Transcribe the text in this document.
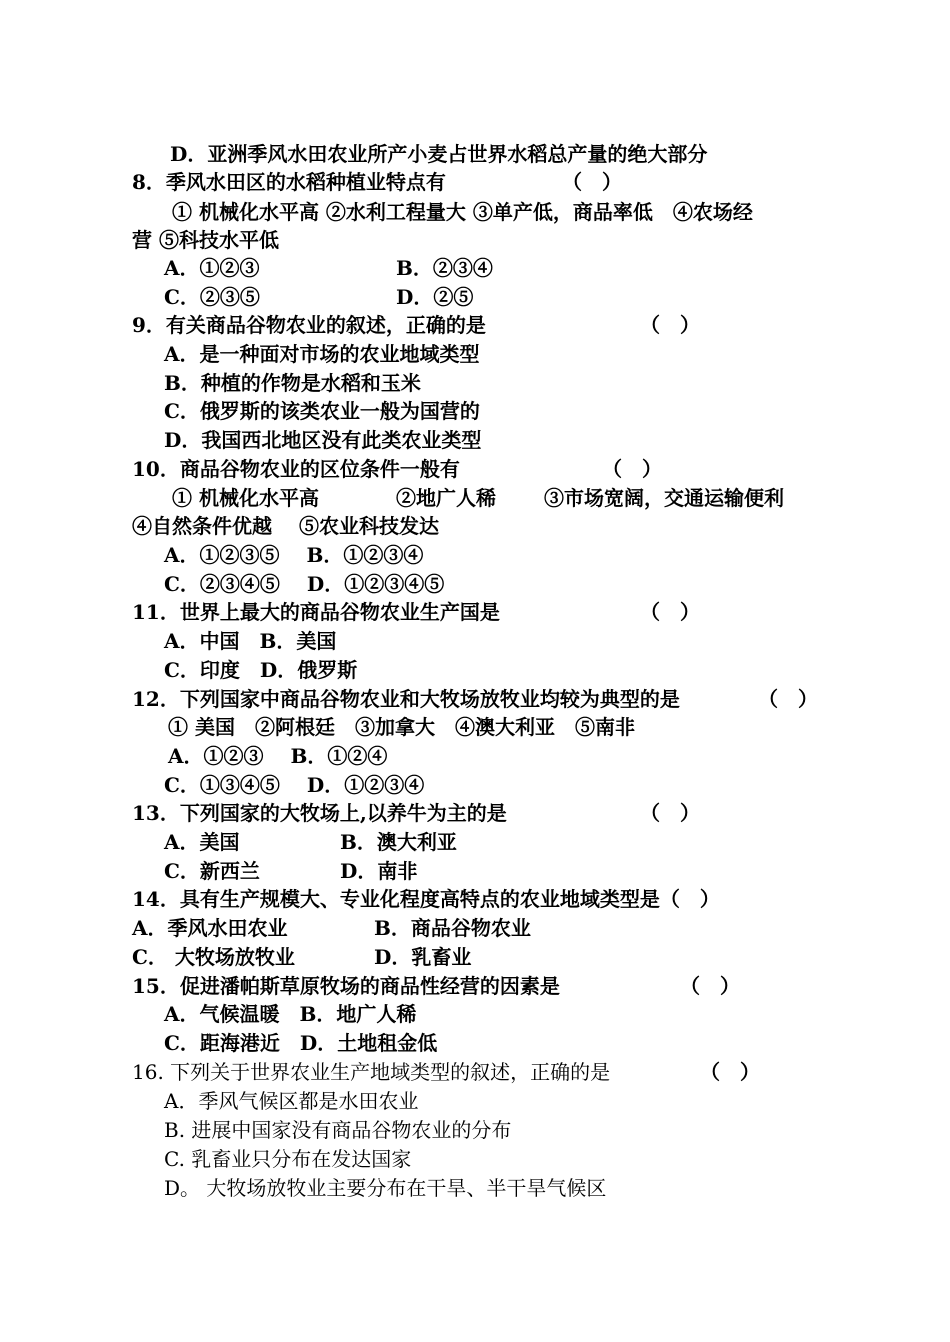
D．亚洲季风水田农业所产小麦占世界水稻总产量的绝大部分
8．季风水田区的水稻种植业特点有	（　）
① 机械化水平高 ②水利工程量大 ③单产低，商品率低　④农场经
营 ⑤科技水平低
A．①②③	B．②③④
C．②③⑤	D．②⑤
9．有关商品谷物农业的叙述，正确的是	（　）
A．是一种面对市场的农业地域类型
B．种植的作物是水稻和玉米
C．俄罗斯的该类农业一般为国营的
D．我国西北地区没有此类农业类型
10．商品谷物农业的区位条件一般有	（　）
① 机械化水平高	②地广人稀 ③市场宽阔，交通运输便利
④自然条件优越　 ⑤农业科技发达
A．①②③⑤　 B．①②③④
C．②③④⑤　 D．①②③④⑤
11．世界上最大的商品谷物农业生产国是	（　）
A．中国　B．美国
C．印度　D．俄罗斯
12．下列国家中商品谷物农业和大牧场放牧业均较为典型的是	（　）
① 美国　②阿根廷　③加拿大　④澳大利亚　⑤南非
A．①②③　 B．①②④
C．①③④⑤　 D．①②③④
13．下列国家的大牧场上,以养牛为主的是	（　）
A．美国	B．澳大利亚
C．新西兰	D．南非
14．具有生产规模大、专业化程度高特点的农业地域类型是（　）
A．季风水田农业	B．商品谷物农业
C． 大牧场放牧业	D．乳畜业
15．促进潘帕斯草原牧场的商品性经营的因素是	（　）
A．气候温暖　B．地广人稀
C．距海港近　D．土地租金低
16. 下列关于世界农业生产地域类型的叙述，正确的是	（　）
A．季风气候区都是水田农业
B. 进展中国家没有商品谷物农业的分布
C. 乳畜业只分布在发达国家
D。 大牧场放牧业主要分布在干旱、半干旱气候区
